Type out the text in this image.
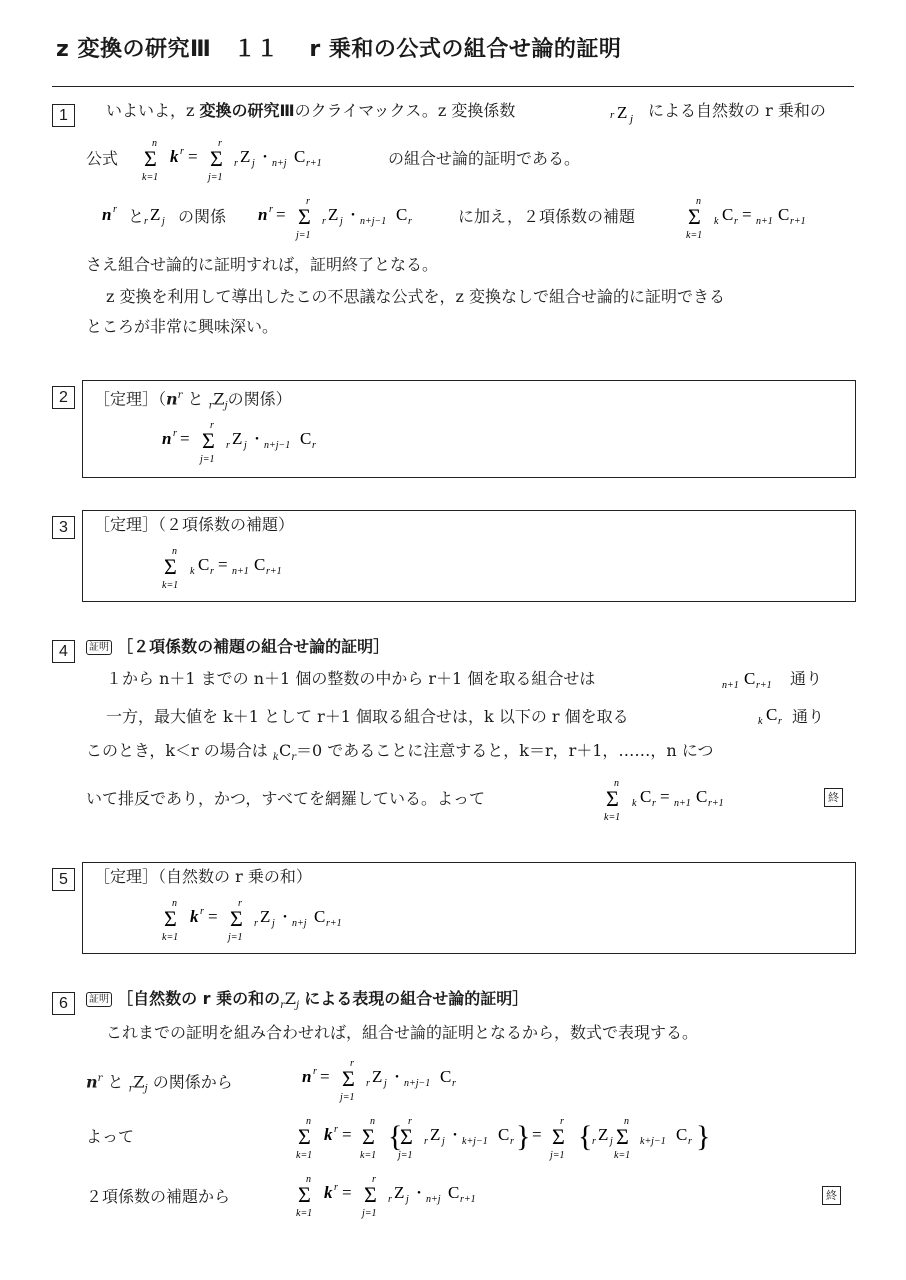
z 変換の研究Ⅲ　１１　 r 乗和の公式の組合せ論的証明
1	いよいよ，z 変換の研究Ⅲのクライマックス。z 変換係数	r Z j による自然数の r 乗和の
公式
n
Σ
k=1
k r =
r
Σ
j=1
r Z j ・ n+j C r+1	の組合せ論的証明である。
n r と r Z j の関係 n r =
r
Σ
j=1
r Z j ・ n+j−1 C r	に加え，２項係数の補題
n
Σ
k=1
k C r = n+1 C r+1
さえ組合せ論的に証明すれば，証明終了となる。
z 変換を利用して導出したこの不思議な公式を，z 変換なしで組合せ論的に証明できる
ところが非常に興味深い。
2	［定理$](n^r$ と $_rZ_j$の関係）
n r =
r
Σ
j=1
r Z j ・ n+j−1 C r
3	［定理］（２項係数の補題）
n
Σ
k=1
k C r = n+1 C r+1
4	証明 ［２項係数の補題の組合せ論的証明］
１から n＋1 までの n＋1 個の整数の中から r＋1 個を取る組合せは	n+1 C r+1 通り
一方，最大値を k＋1 として r＋1 個取る組合せは，k 以下の r 個を取る	k C r 通り
このとき，k＜r の場合は $_kC_r=0$ であることに注意すると，k＝r，r＋1，……，n につ
いて排反であり，かつ，すべてを網羅している。よって
n
Σ
k=1
k C r = n+1 C r+1	終
5	［定理］（自然数の r 乗の和）
n
Σ
k=1
k r =
r
Σ
j=1
r Z j ・ n+j C r+1
6	証明 ［自然数の r 乗の和の$_rZ_j$ による表現の組合せ論的証明］
これまでの証明を組み合わせれば，組合せ論的証明となるから，数式で表現する。
$n^r$ と $_rZ_j$ の関係から	n r =
r
Σ
j=1
r Z j ・ n+j−1 C r
よって
n
Σ
k=1
k r =
n
Σ
k=1
{ r
Σ
j=1
r Z j ・ k+j−1 C r } =
r
Σ
j=1
{ r Z j
n
Σ
k=1
k+j−1 C r }
２項係数の補題から
n
Σ
k=1
k r =
r
Σ
j=1
r Z j ・ n+j C r+1	終
